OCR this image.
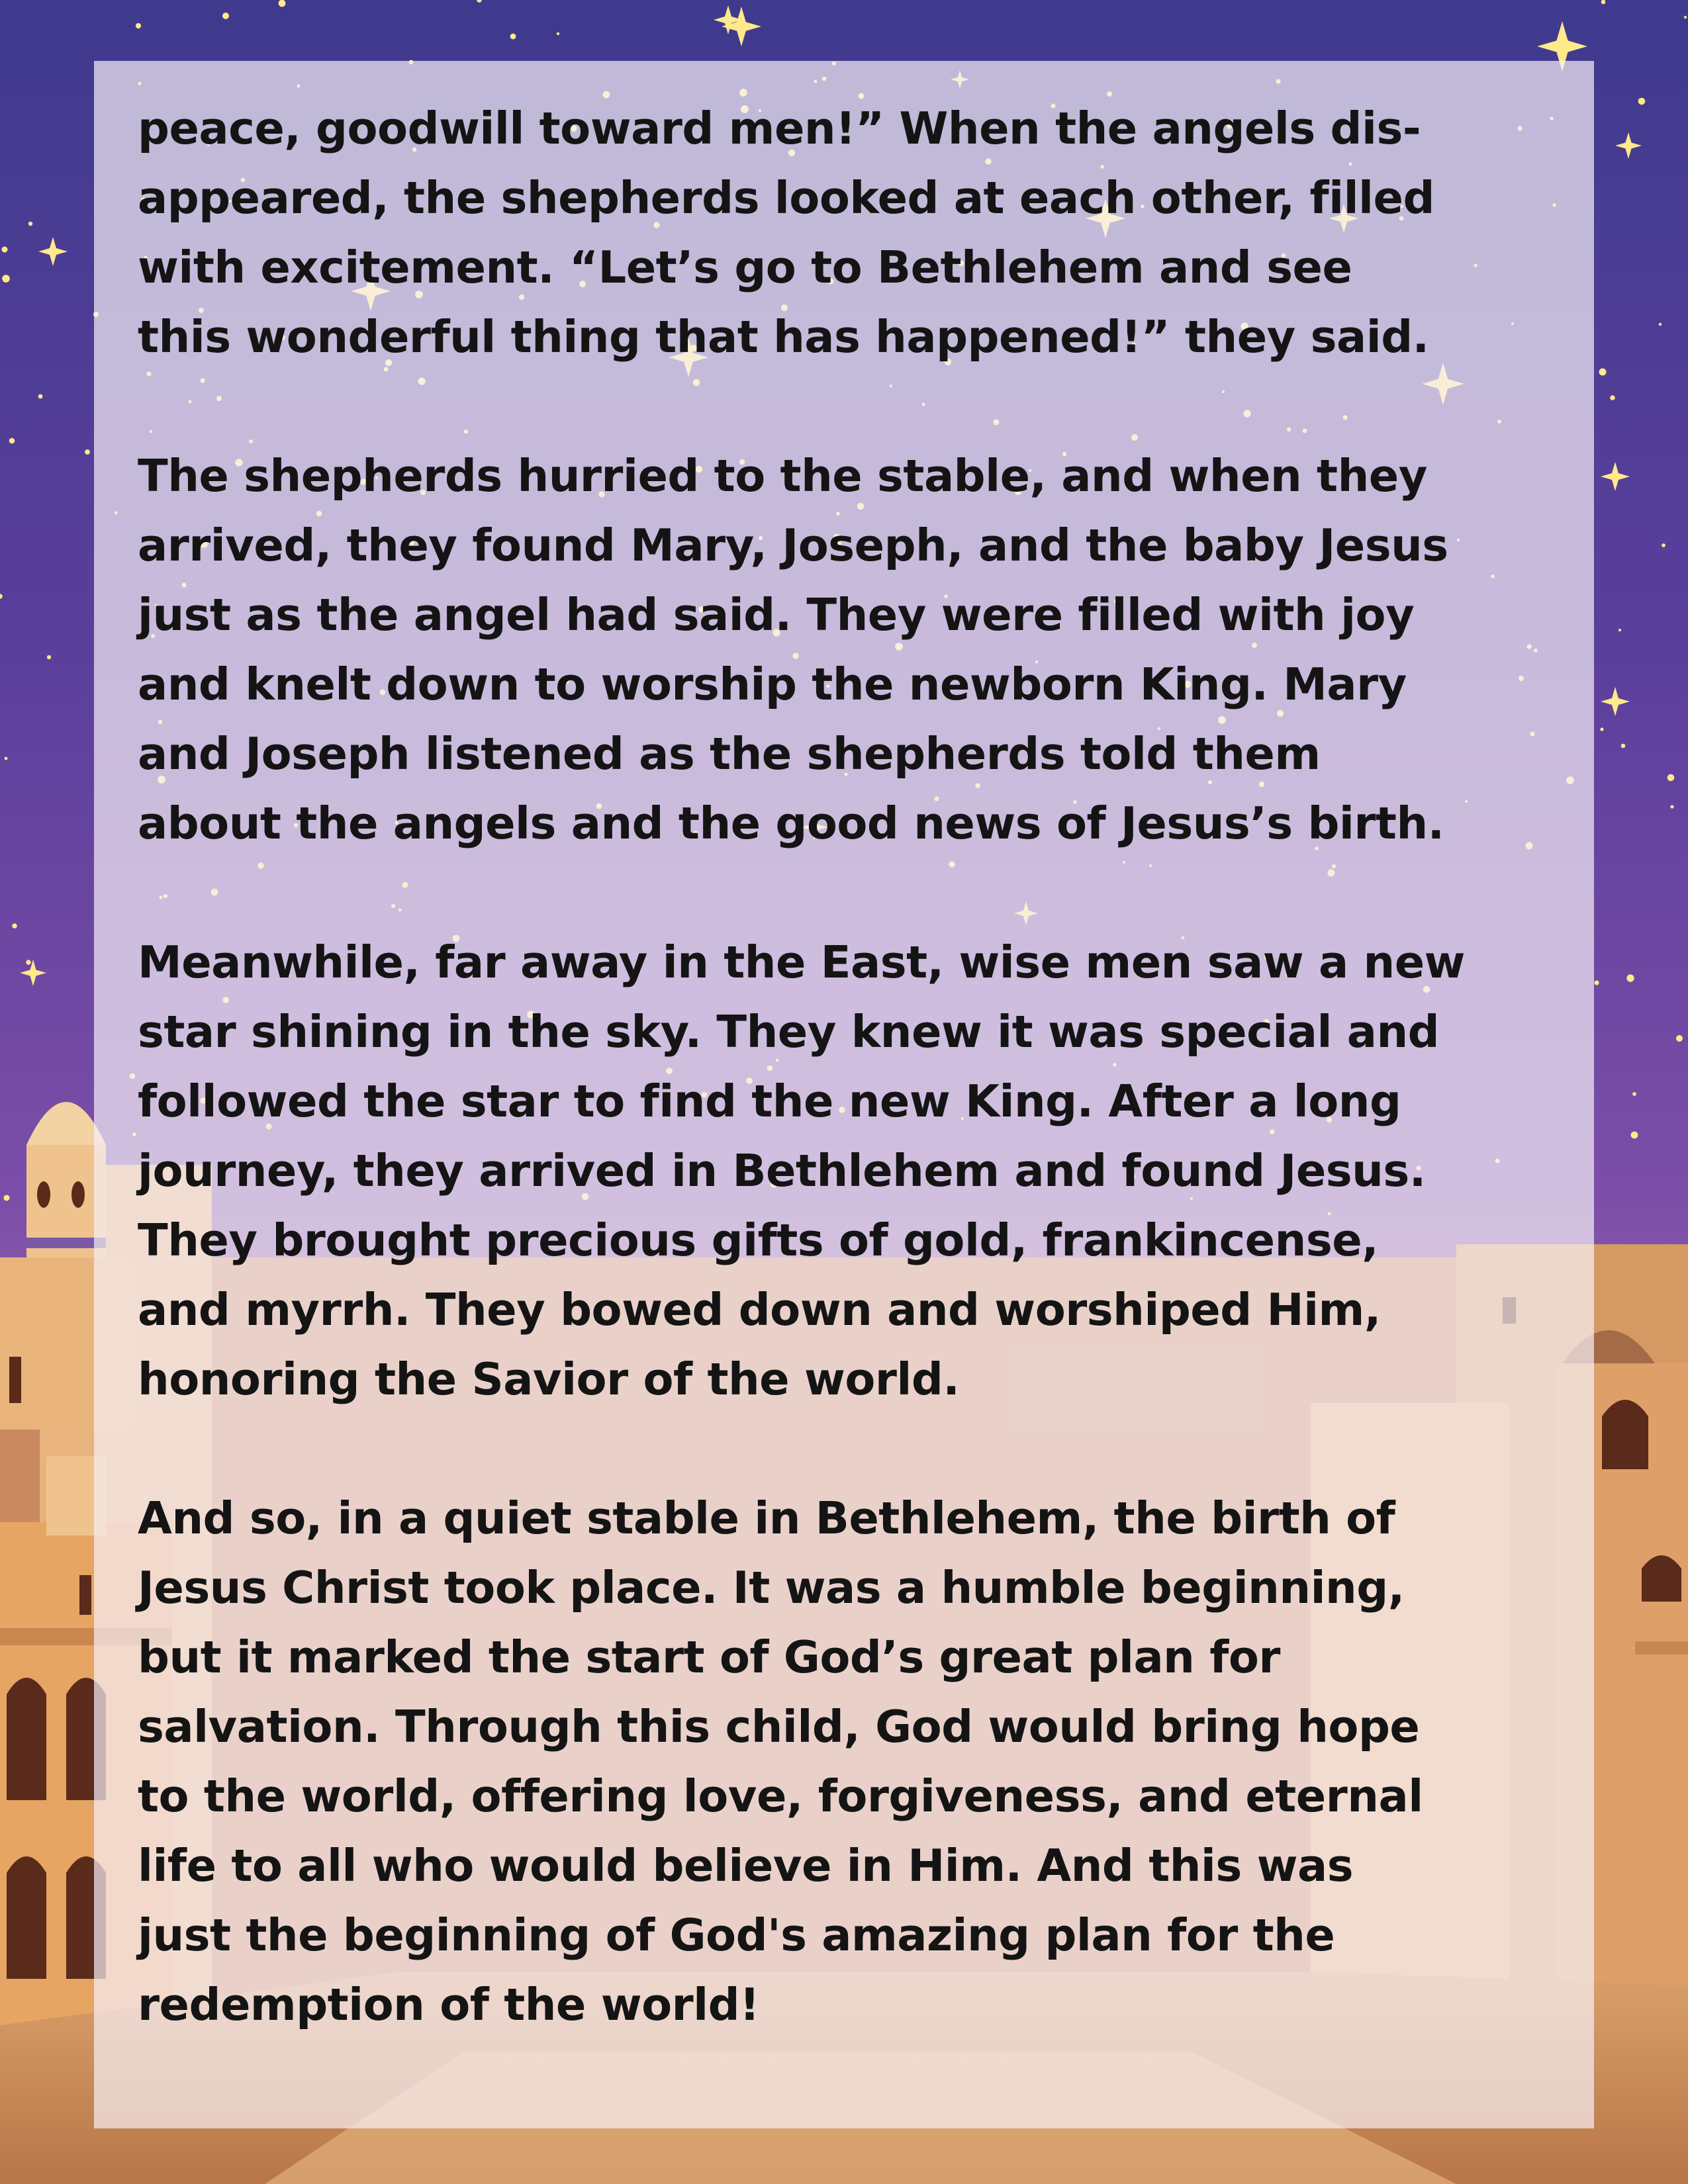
peace, goodwill toward men!” When the angels dis-
appeared, the shepherds looked at each other, filled
with excitement. “Let’s go to Bethlehem and see
this wonderful thing that has happened!” they said.

The shepherds hurried to the stable, and when they
arrived, they found Mary, Joseph, and the baby Jesus
just as the angel had said. They were filled with joy
and knelt down to worship the newborn King. Mary
and Joseph listened as the shepherds told them
about the angels and the good news of Jesus’s birth.

Meanwhile, far away in the East, wise men saw a new
star shining in the sky. They knew it was special and
followed the star to find the new King. After a long
journey, they arrived in Bethlehem and found Jesus.
They brought precious gifts of gold, frankincense,
and myrrh. They bowed down and worshiped Him,
honoring the Savior of the world.

And so, in a quiet stable in Bethlehem, the birth of
Jesus Christ took place. It was a humble beginning,
but it marked the start of God’s great plan for
salvation. Through this child, God would bring hope
to the world, offering love, forgiveness, and eternal
life to all who would believe in Him. And this was
just the beginning of God's amazing plan for the
redemption of the world!
